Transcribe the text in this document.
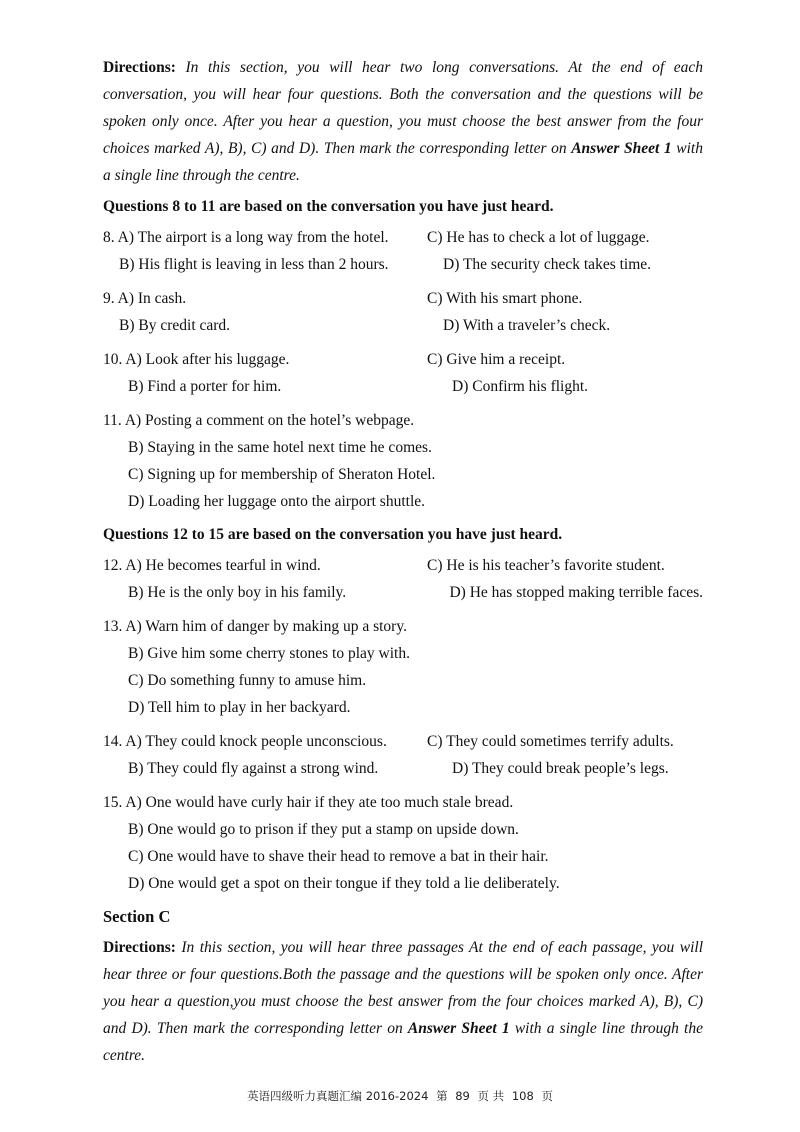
Directions: In this section, you will hear two long conversations. At the end of each conversation, you will hear four questions. Both the conversation and the questions will be spoken only once. After you hear a question, you must choose the best answer from the four choices marked A), B), C) and D). Then mark the corresponding letter on Answer Sheet 1 with a single line through the centre.

Questions 8 to 11 are based on the conversation you have just heard.
8. A) The airport is a long way from the hotel.	C) He has to check a lot of luggage.
B) His flight is leaving in less than 2 hours.	D) The security check takes time.
9. A) In cash.	C) With his smart phone.
B) By credit card.	D) With a traveler’s check.
10. A) Look after his luggage.	C) Give him a receipt.
B) Find a porter for him.	D) Confirm his flight.
11. A) Posting a comment on the hotel’s webpage.
B) Staying in the same hotel next time he comes.
C) Signing up for membership of Sheraton Hotel.
D) Loading her luggage onto the airport shuttle.
Questions 12 to 15 are based on the conversation you have just heard.
12. A) He becomes tearful in wind.	C) He is his teacher’s favorite student.
B) He is the only boy in his family.	D) He has stopped making terrible faces.
13. A) Warn him of danger by making up a story.
B) Give him some cherry stones to play with.
C) Do something funny to amuse him.
D) Tell him to play in her backyard.
14. A) They could knock people unconscious.	C) They could sometimes terrify adults.
B) They could fly against a strong wind.	D) They could break people’s legs.
15. A) One would have curly hair if they ate too much stale bread.
B) One would go to prison if they put a stamp on upside down.
C) One would have to shave their head to remove a bat in their hair.
D) One would get a spot on their tongue if they told a lie deliberately.
Section C

Directions: In this section, you will hear three passages At the end of each passage, you will hear three or four questions.Both the passage and the questions will be spoken only once. After you hear a question,you must choose the best answer from the four choices marked A), B), C) and D). Then mark the corresponding letter on Answer Sheet 1 with a single line through the centre.

英语四级听力真题汇编 2016-2024 第 89 页 共 108 页
